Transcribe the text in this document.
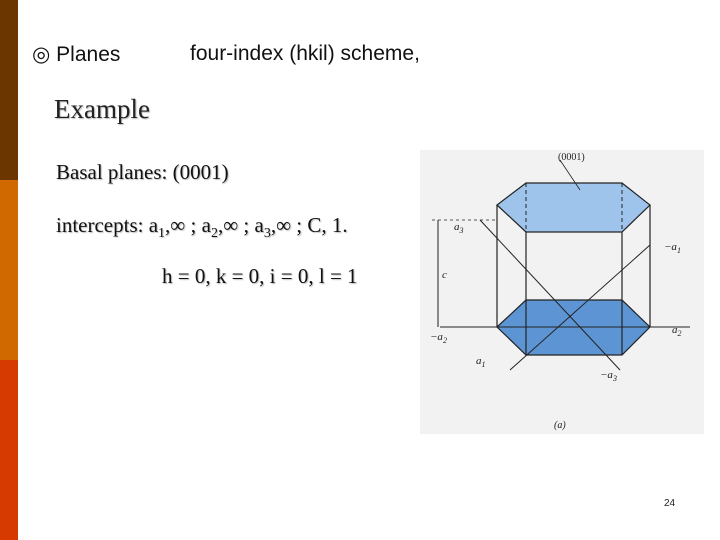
◎ Planes	four-index (hkil) scheme,
Example
Basal planes: (0001)
intercepts: $a_1,\infty$ ; $a_2,\infty$ ; $a_3,\infty$ ; C, 1.
h = 0, k = 0, i = 0, l = 1
(0001)
$a_3$
$-a_1$
c
$-a_2$
$a_2$
$a_1$
$-a_3$
(a)
24
